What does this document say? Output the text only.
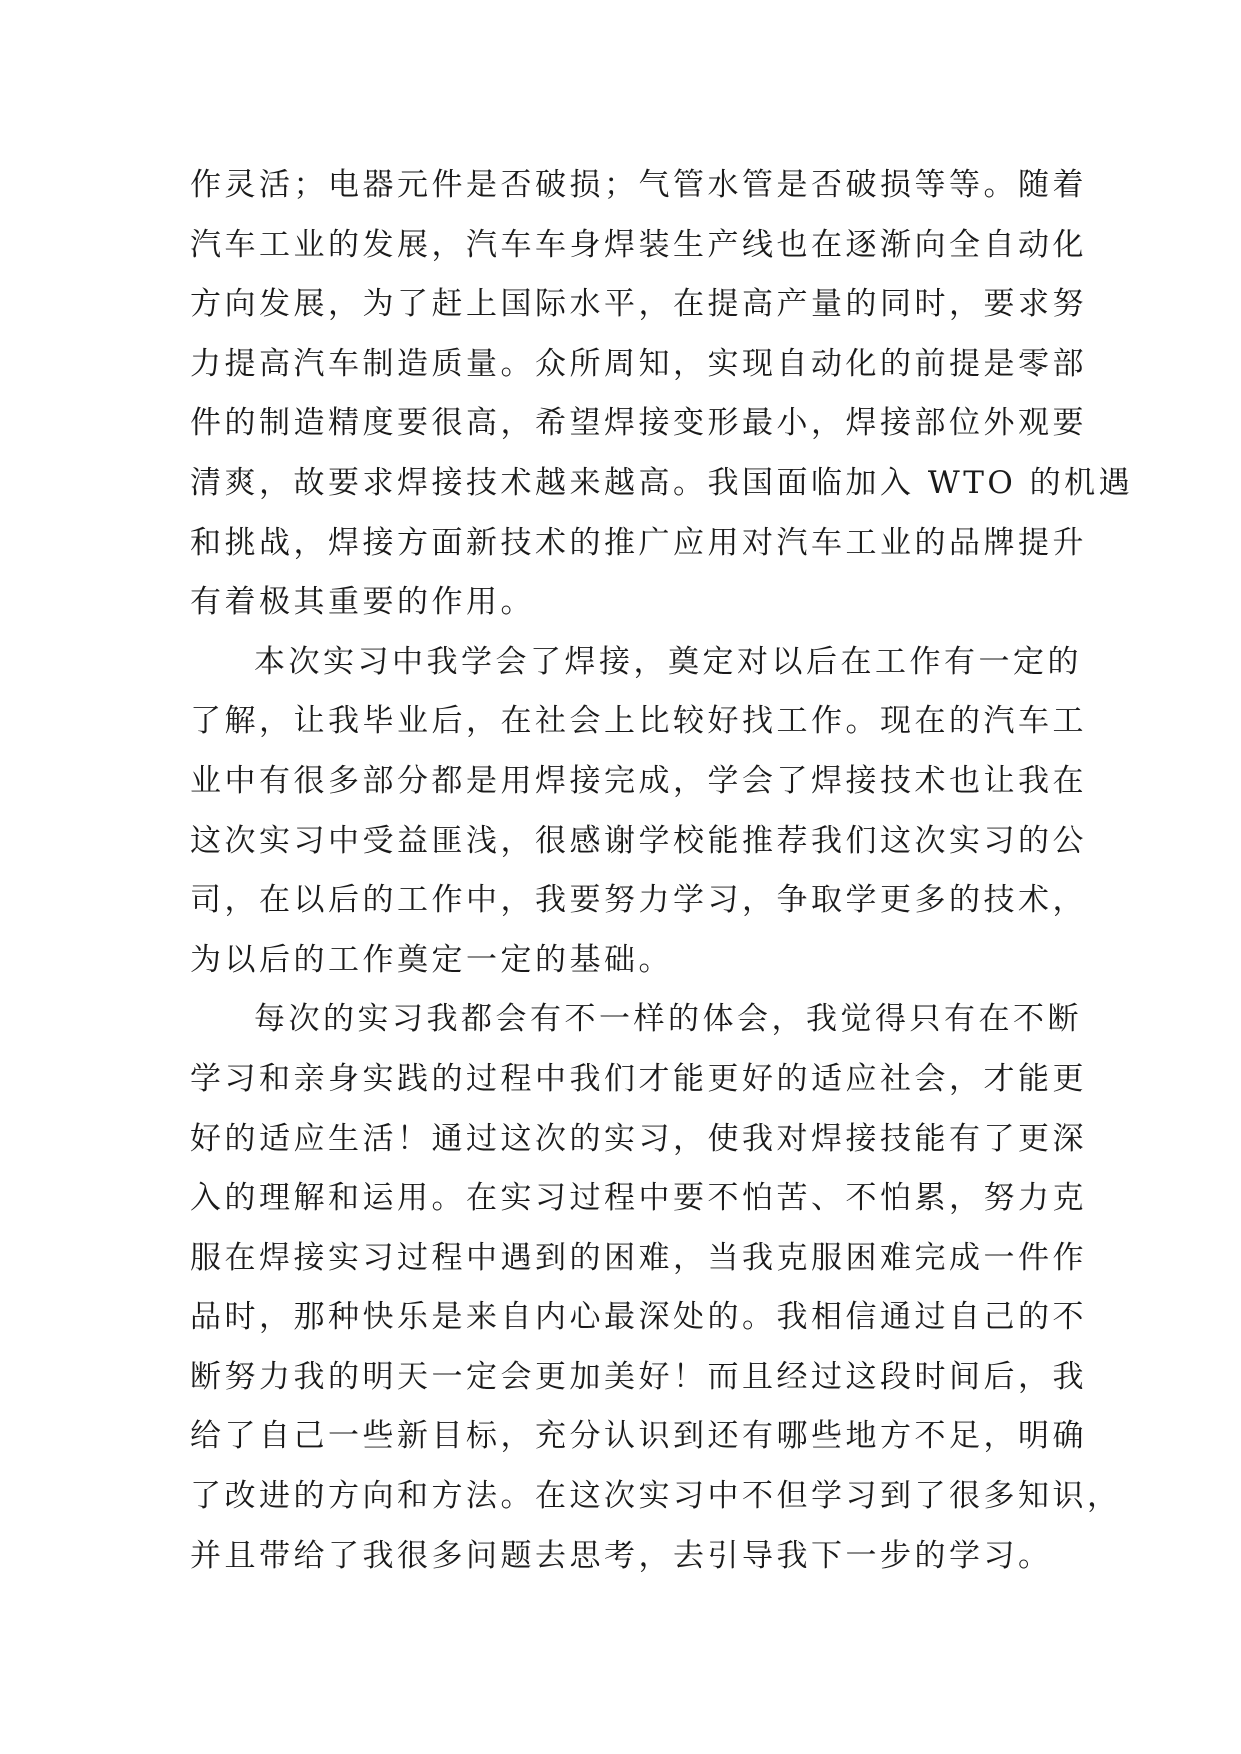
作灵活；电器元件是否破损；气管水管是否破损等等。随着
汽车工业的发展，汽车车身焊装生产线也在逐渐向全自动化
方向发展，为了赶上国际水平，在提高产量的同时，要求努
力提高汽车制造质量。众所周知，实现自动化的前提是零部
件的制造精度要很高，希望焊接变形最小，焊接部位外观要
清爽，故要求焊接技术越来越高。我国面临加入 WTO 的机遇
和挑战，焊接方面新技术的推广应用对汽车工业的品牌提升
有着极其重要的作用。
本次实习中我学会了焊接，奠定对以后在工作有一定的
了解，让我毕业后，在社会上比较好找工作。现在的汽车工
业中有很多部分都是用焊接完成，学会了焊接技术也让我在
这次实习中受益匪浅，很感谢学校能推荐我们这次实习的公
司，在以后的工作中，我要努力学习，争取学更多的技术，
为以后的工作奠定一定的基础。
每次的实习我都会有不一样的体会，我觉得只有在不断
学习和亲身实践的过程中我们才能更好的适应社会，才能更
好的适应生活！通过这次的实习，使我对焊接技能有了更深
入的理解和运用。在实习过程中要不怕苦、不怕累，努力克
服在焊接实习过程中遇到的困难，当我克服困难完成一件作
品时，那种快乐是来自内心最深处的。我相信通过自己的不
断努力我的明天一定会更加美好！而且经过这段时间后，我
给了自己一些新目标，充分认识到还有哪些地方不足，明确
了改进的方向和方法。在这次实习中不但学习到了很多知识，
并且带给了我很多问题去思考，去引导我下一步的学习。
